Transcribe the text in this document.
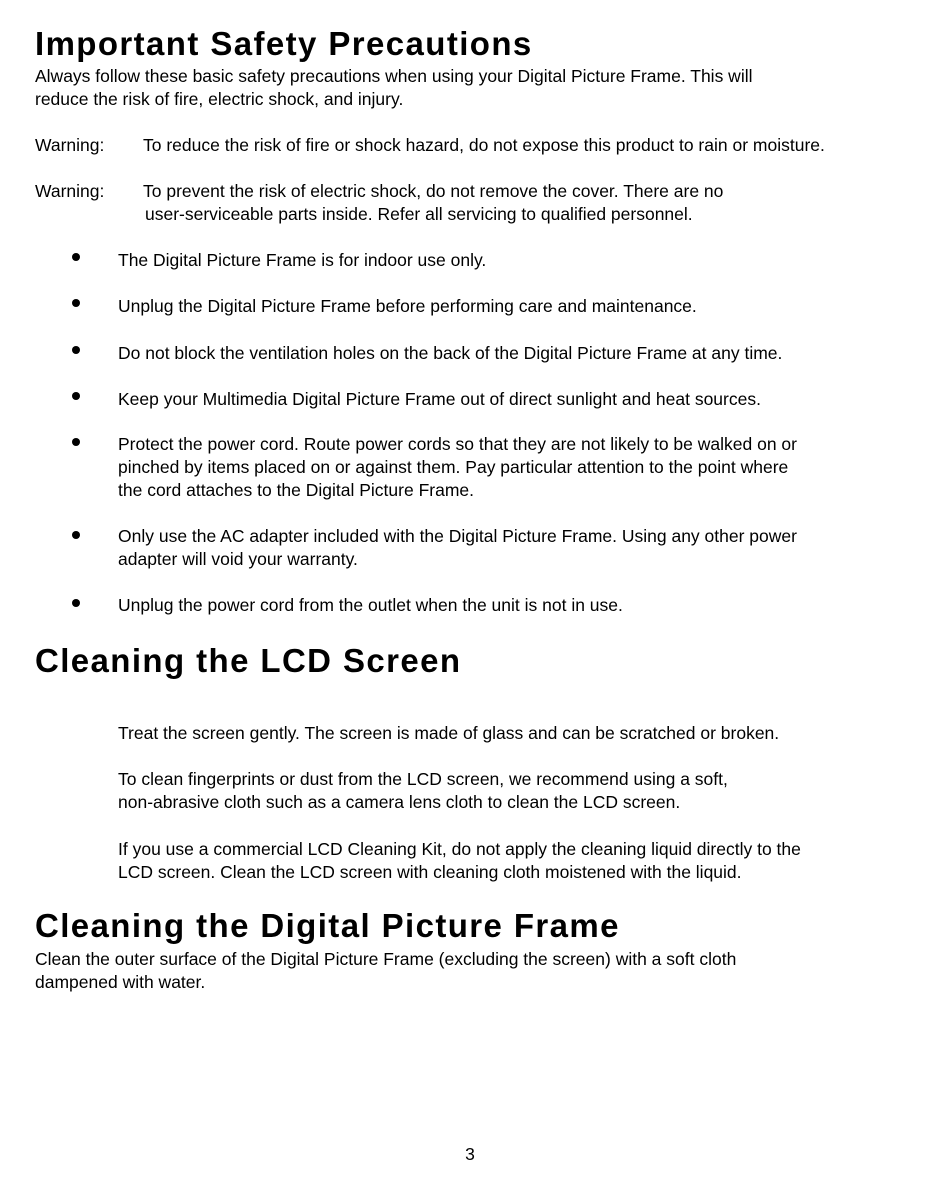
Important Safety Precautions
Always follow these basic safety precautions when using your Digital Picture Frame. This will
reduce the risk of fire, electric shock, and injury.
Warning: To reduce the risk of fire or shock hazard, do not expose this product to rain or moisture.
Warning: To prevent the risk of electric shock, do not remove the cover. There are no
user-serviceable parts inside. Refer all servicing to qualified personnel.
The Digital Picture Frame is for indoor use only.
Unplug the Digital Picture Frame before performing care and maintenance.
Do not block the ventilation holes on the back of the Digital Picture Frame at any time.
Keep your Multimedia Digital Picture Frame out of direct sunlight and heat sources.
Protect the power cord. Route power cords so that they are not likely to be walked on or
pinched by items placed on or against them. Pay particular attention to the point where
the cord attaches to the Digital Picture Frame.
Only use the AC adapter included with the Digital Picture Frame. Using any other power
adapter will void your warranty.
Unplug the power cord from the outlet when the unit is not in use.
Cleaning the LCD Screen
Treat the screen gently. The screen is made of glass and can be scratched or broken.
To clean fingerprints or dust from the LCD screen, we recommend using a soft,
non-abrasive cloth such as a camera lens cloth to clean the LCD screen.
If you use a commercial LCD Cleaning Kit, do not apply the cleaning liquid directly to the
LCD screen. Clean the LCD screen with cleaning cloth moistened with the liquid.
Cleaning the Digital Picture Frame
Clean the outer surface of the Digital Picture Frame (excluding the screen) with a soft cloth
dampened with water.
3
